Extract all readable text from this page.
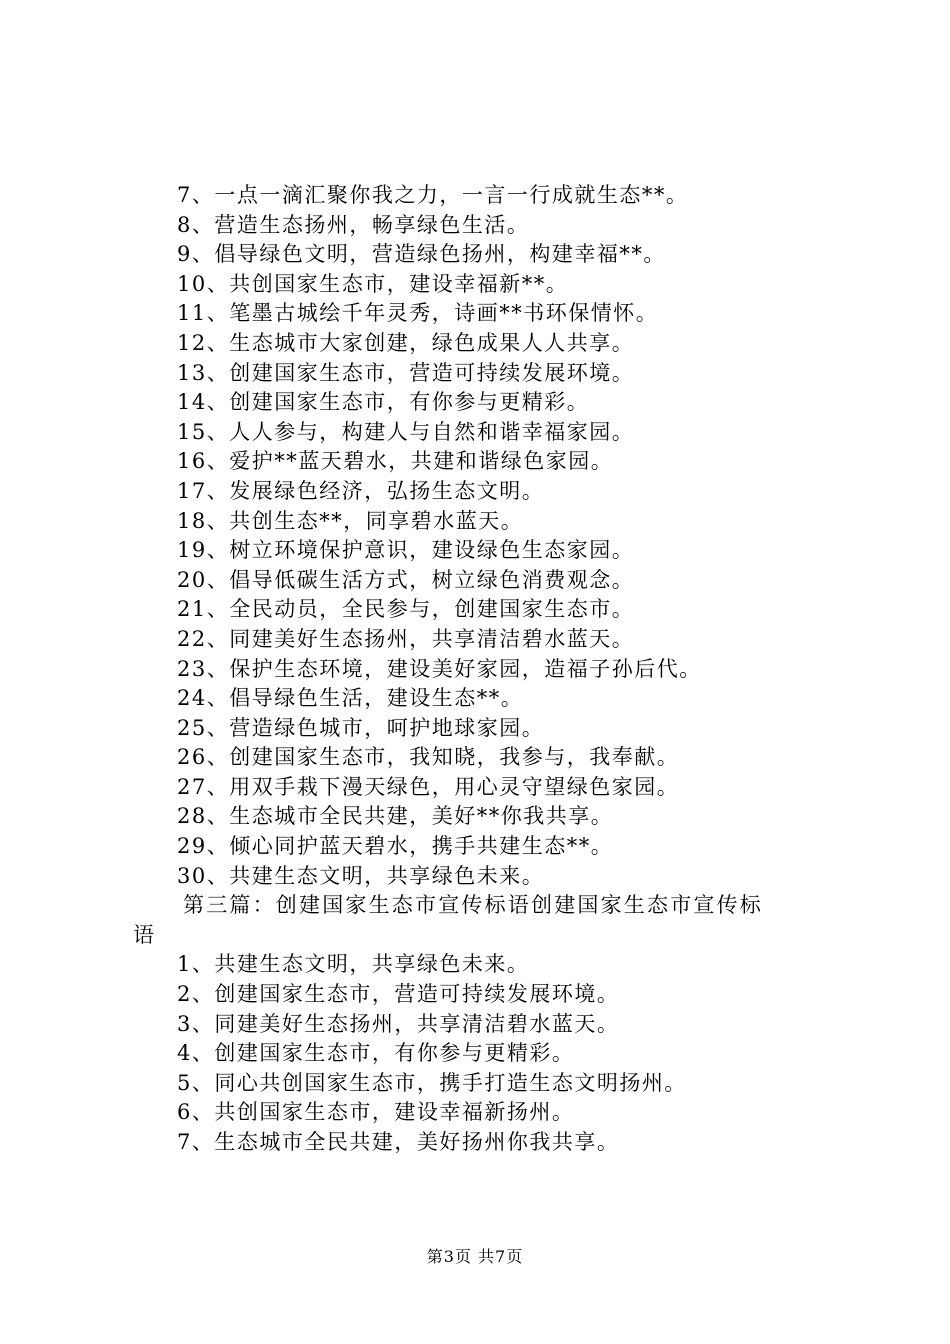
7、一点一滴汇聚你我之力，一言一行成就生态**。
8、营造生态扬州，畅享绿色生活。
9、倡导绿色文明，营造绿色扬州，构建幸福**。
10、共创国家生态市，建设幸福新**。
11、笔墨古城绘千年灵秀，诗画**书环保情怀。
12、生态城市大家创建，绿色成果人人共享。
13、创建国家生态市，营造可持续发展环境。
14、创建国家生态市，有你参与更精彩。
15、人人参与，构建人与自然和谐幸福家园。
16、爱护**蓝天碧水，共建和谐绿色家园。
17、发展绿色经济，弘扬生态文明。
18、共创生态**，同享碧水蓝天。
19、树立环境保护意识，建设绿色生态家园。
20、倡导低碳生活方式，树立绿色消费观念。
21、全民动员，全民参与，创建国家生态市。
22、同建美好生态扬州，共享清洁碧水蓝天。
23、保护生态环境，建设美好家园，造福子孙后代。
24、倡导绿色生活，建设生态**。
25、营造绿色城市，呵护地球家园。
26、创建国家生态市，我知晓，我参与，我奉献。
27、用双手栽下漫天绿色，用心灵守望绿色家园。
28、生态城市全民共建，美好**你我共享。
29、倾心同护蓝天碧水，携手共建生态**。
30、共建生态文明，共享绿色未来。
第三篇：创建国家生态市宣传标语创建国家生态市宣传标
语
1、共建生态文明，共享绿色未来。
2、创建国家生态市，营造可持续发展环境。
3、同建美好生态扬州，共享清洁碧水蓝天。
4、创建国家生态市，有你参与更精彩。
5、同心共创国家生态市，携手打造生态文明扬州。
6、共创国家生态市，建设幸福新扬州。
7、生态城市全民共建，美好扬州你我共享。
第3页 共7页
